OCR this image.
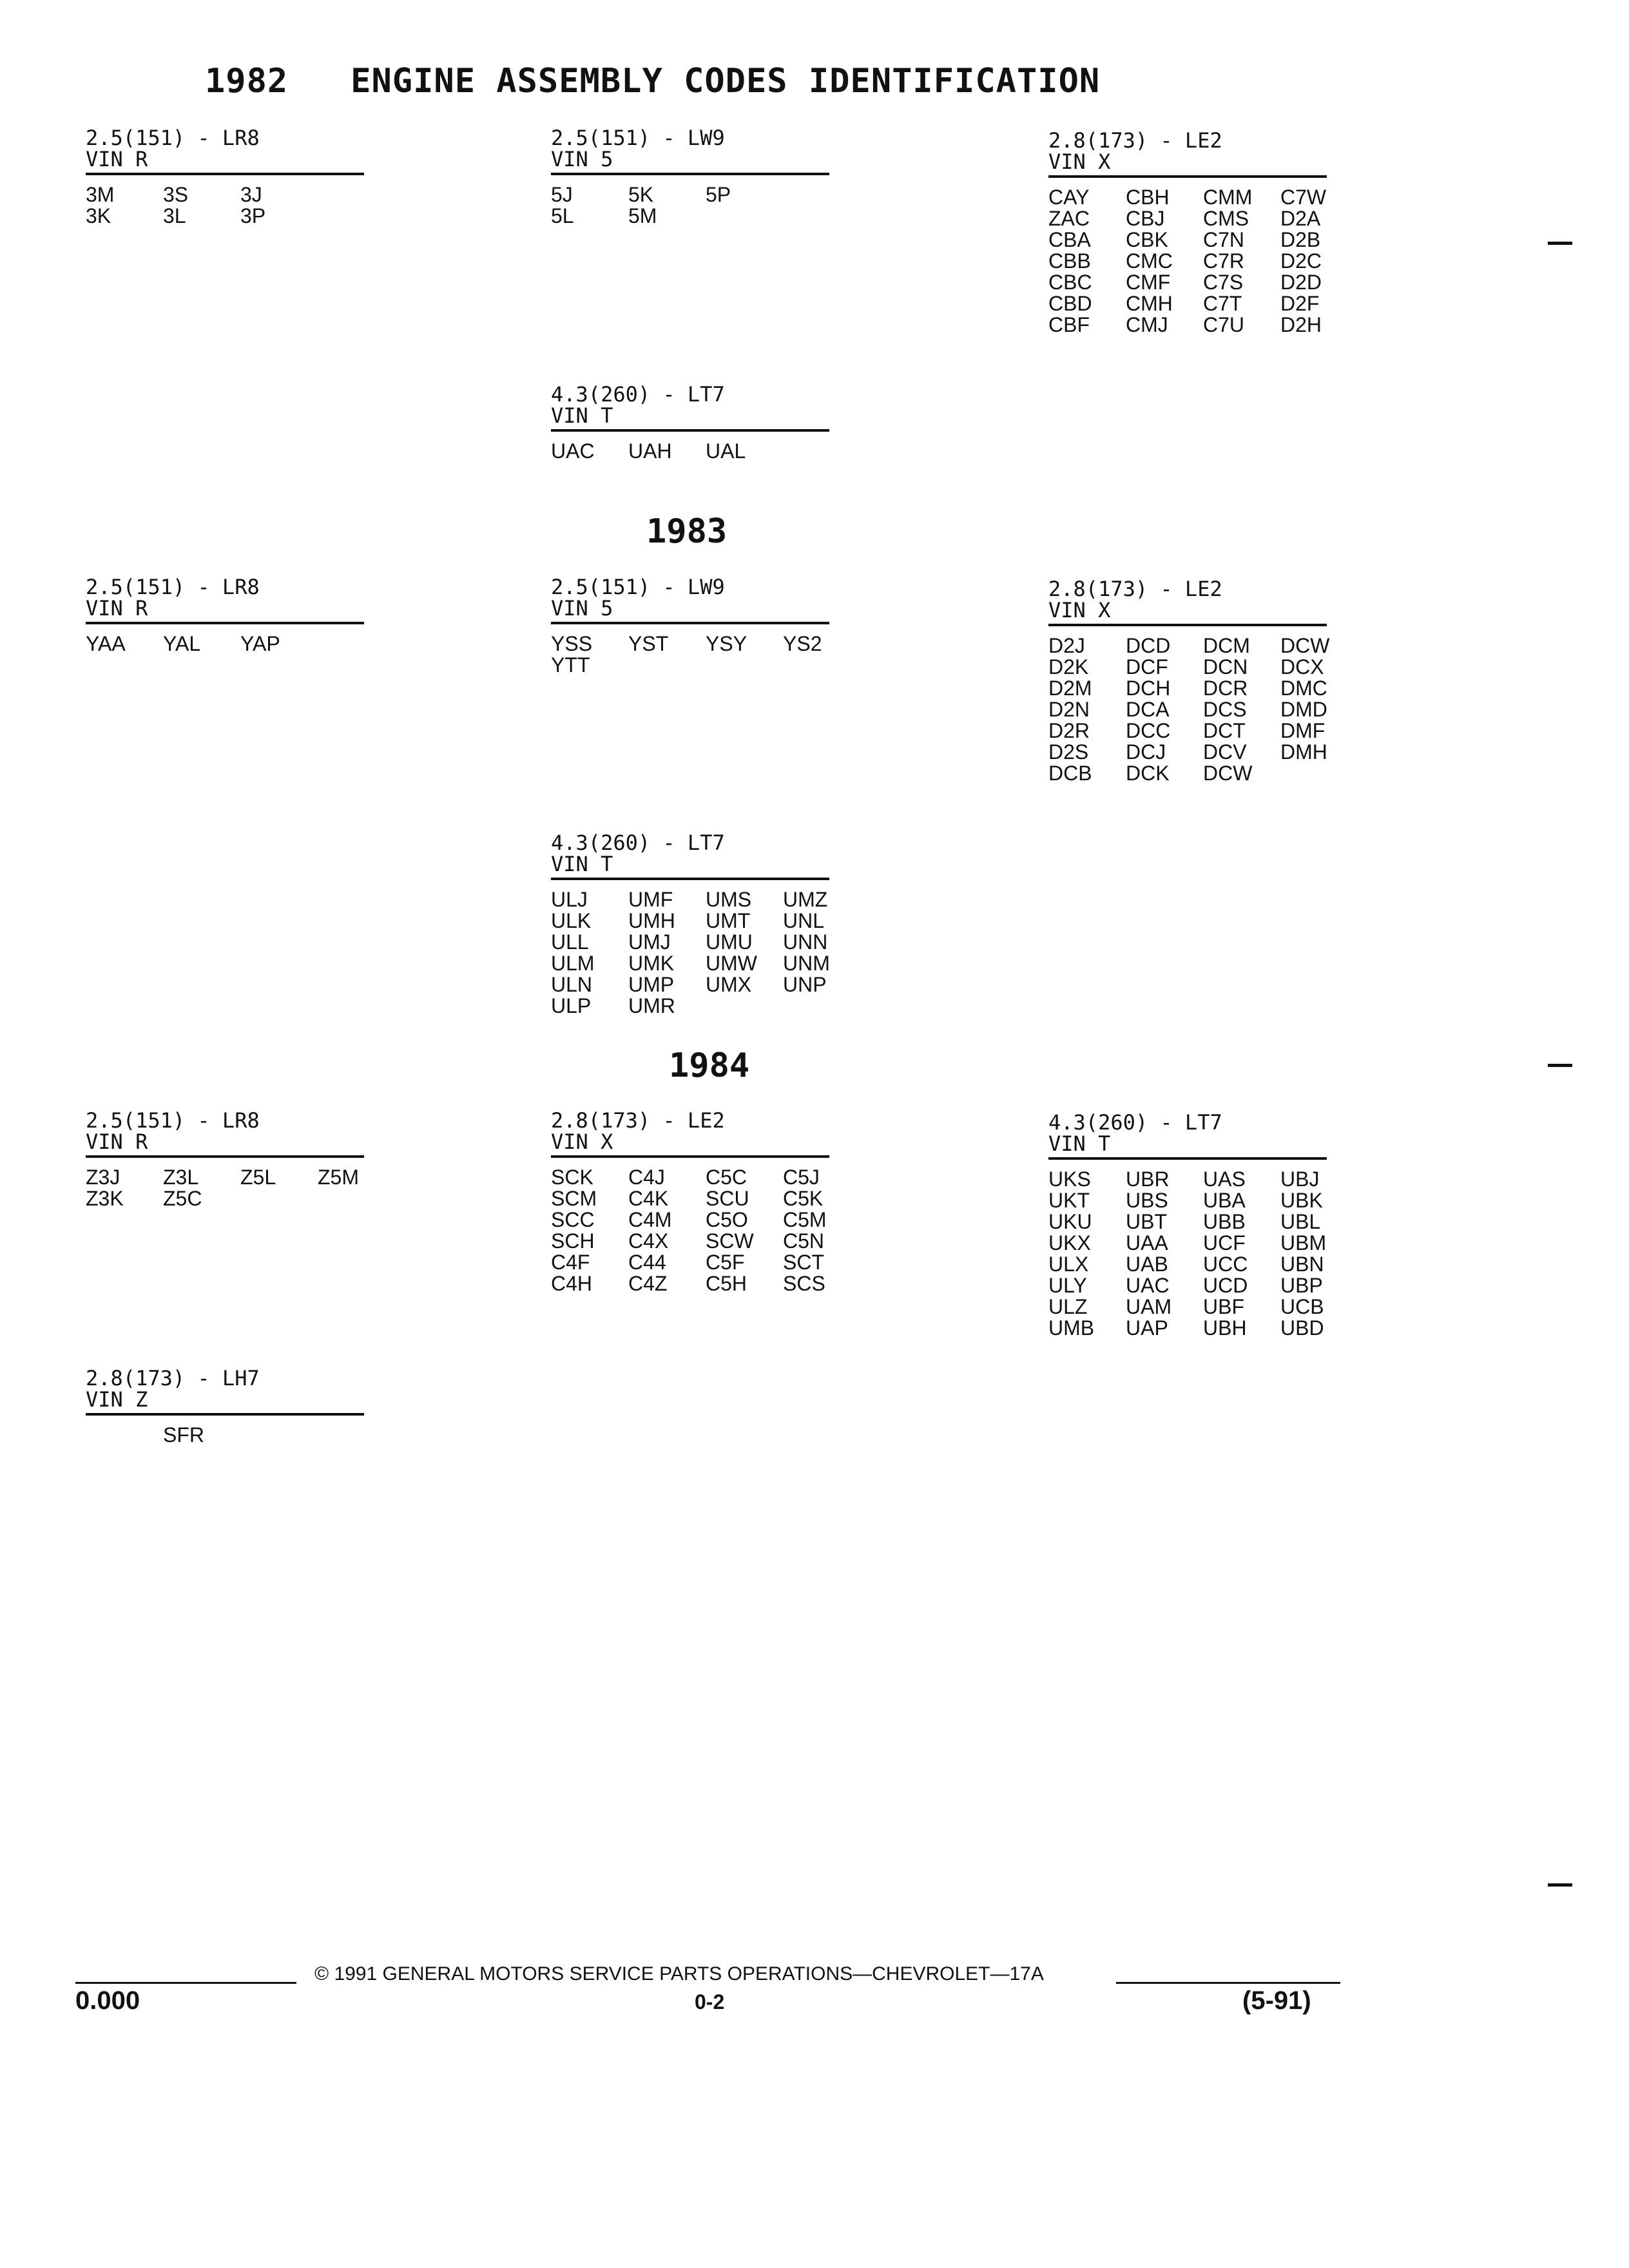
1982 ENGINE ASSEMBLY CODES IDENTIFICATION
2.5(151) - LR8
VIN R
3M	3S	3J
3K	3L	3P
2.5(151) - LW9
VIN 5
5J	5K	5P
5L	5M
2.8(173) - LE2
VIN X
CAY	CBH	CMM	C7W
ZAC	CBJ	CMS	D2A
CBA	CBK	C7N	D2B
CBB	CMC	C7R	D2C
CBC	CMF	C7S	D2D
CBD	CMH	C7T	D2F
CBF	CMJ	C7U	D2H
4.3(260) - LT7
VIN T
UAC	UAH	UAL
1983
2.5(151) - LR8
VIN R
YAA	YAL	YAP
2.5(151) - LW9
VIN 5
YSS	YST	YSY	YS2
YTT
2.8(173) - LE2
VIN X
D2J	DCD	DCM	DCW
D2K	DCF	DCN	DCX
D2M	DCH	DCR	DMC
D2N	DCA	DCS	DMD
D2R	DCC	DCT	DMF
D2S	DCJ	DCV	DMH
DCB	DCK	DCW
4.3(260) - LT7
VIN T
ULJ	UMF	UMS	UMZ
ULK	UMH	UMT	UNL
ULL	UMJ	UMU	UNN
ULM	UMK	UMW	UNM
ULN	UMP	UMX	UNP
ULP	UMR
1984
2.5(151) - LR8
VIN R
Z3J	Z3L	Z5L	Z5M
Z3K	Z5C
2.8(173) - LE2
VIN X
SCK	C4J	C5C	C5J
SCM	C4K	SCU	C5K
SCC	C4M	C5O	C5M
SCH	C4X	SCW	C5N
C4F	C44	C5F	SCT
C4H	C4Z	C5H	SCS
4.3(260) - LT7
VIN T
UKS	UBR	UAS	UBJ
UKT	UBS	UBA	UBK
UKU	UBT	UBB	UBL
UKX	UAA	UCF	UBM
ULX	UAB	UCC	UBN
ULY	UAC	UCD	UBP
ULZ	UAM	UBF	UCB
UMB	UAP	UBH	UBD
2.8(173) - LH7
VIN Z
SFR
© 1991 GENERAL MOTORS SERVICE PARTS OPERATIONS—CHEVROLET—17A
0.000	0-2	(5-91)
